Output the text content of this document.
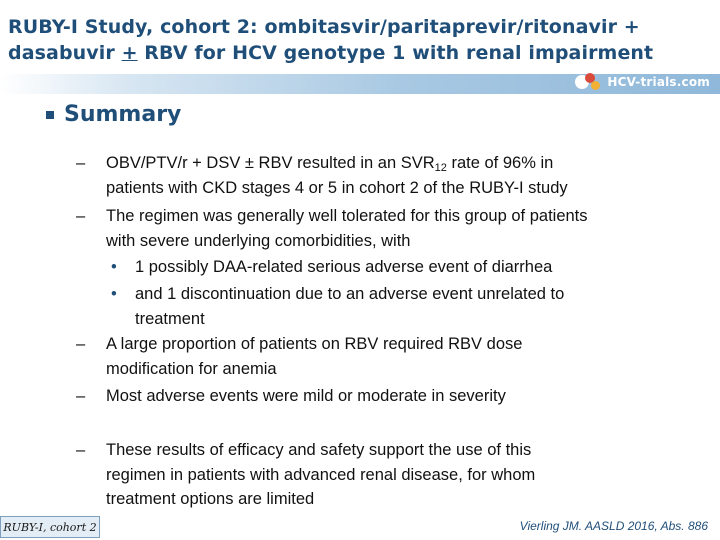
RUBY-I Study, cohort 2: ombitasvir/paritaprevir/ritonavir +
dasabuvir + RBV for HCV genotype 1 with renal impairment
HCV-trials.com
Summary
– OBV/PTV/r + DSV ± RBV resulted in an $SVR_{12}$ rate of 96% in
patients with CKD stages 4 or 5 in cohort 2 of the RUBY-I study
– The regimen was generally well tolerated for this group of patients
with severe underlying comorbidities, with
• 1 possibly DAA-related serious adverse event of diarrhea
• and 1 discontinuation due to an adverse event unrelated to
treatment
– A large proportion of patients on RBV required RBV dose
modification for anemia
– Most adverse events were mild or moderate in severity
– These results of efficacy and safety support the use of this
regimen in patients with advanced renal disease, for whom
treatment options are limited
RUBY-I, cohort 2	Vierling JM. AASLD 2016, Abs. 886
